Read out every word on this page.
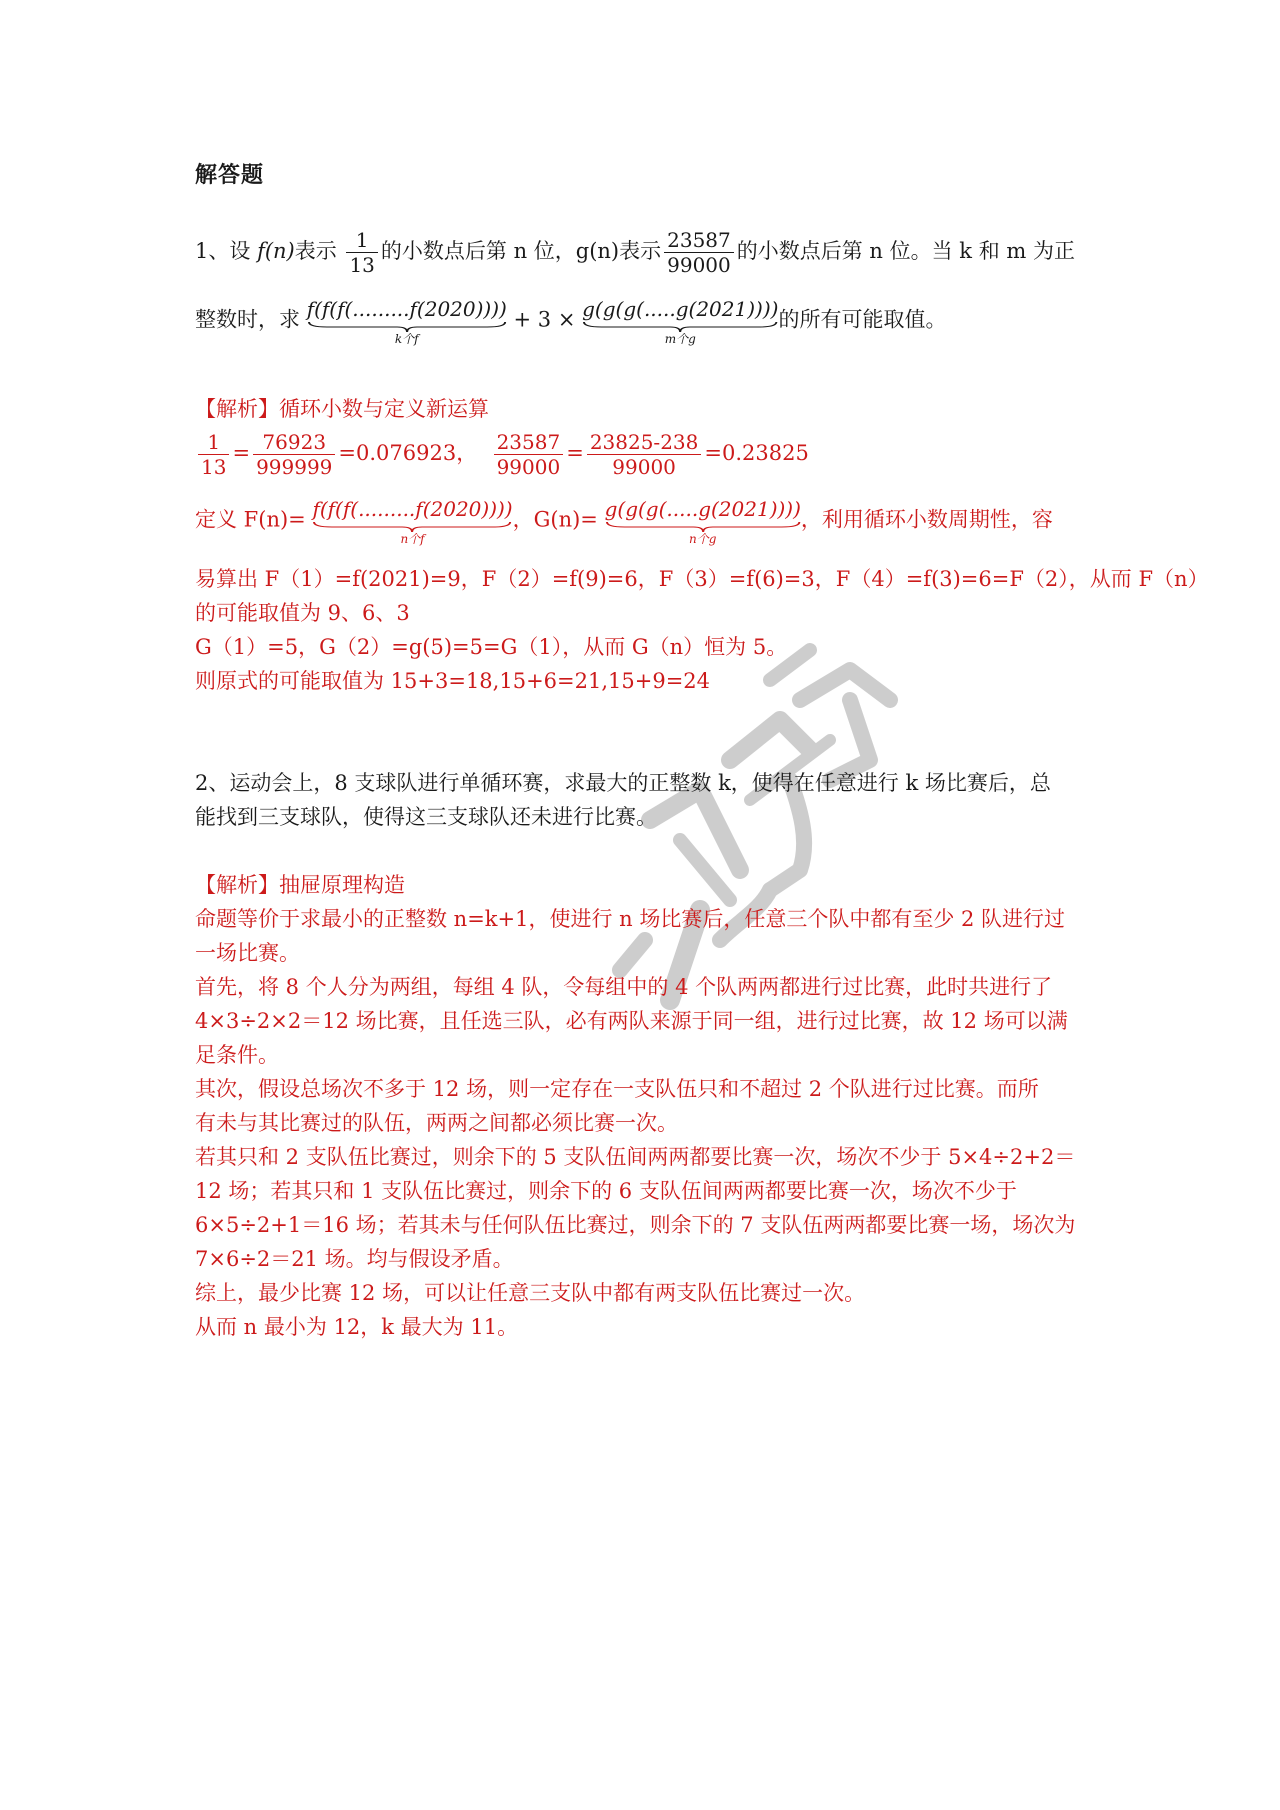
解答题
1、设 f(n)表示 $\frac{1}{13}$ 的小数点后第 n 位，g(n)表示 $\frac{23587}{99000}$ 的小数点后第 n 位。当 k 和 m 为正
整数时，求 f(f(f(.........f(2020))))
k个f
+ 3 × g(g(g(.....g(2021))))
m个g
的所有可能取值。
【解析】循环小数与定义新运算
$\frac{1}{13} = \frac{76923}{999999} =0.076923$， $\frac{23587}{99000} = \frac{23825-238}{99000} =0.23825$
定义 F(n)= f(f(f(.........f(2020))))
n个f
，G(n)= g(g(g(.....g(2021))))
n个g
，利用循环小数周期性，容
易算出 F（1）=f(2021)=9，F（2）=f(9)=6，F（3）=f(6)=3，F（4）=f(3)=6=F（2），从而 F（n）
的可能取值为 9、6、3
G（1）=5，G（2）=g(5)=5=G（1），从而 G（n）恒为 5。
则原式的可能取值为 15+3=18,15+6=21,15+9=24
2、运动会上，8 支球队进行单循环赛，求最大的正整数 k，使得在任意进行 k 场比赛后，总
能找到三支球队，使得这三支球队还未进行比赛。
【解析】抽屉原理构造
命题等价于求最小的正整数 n=k+1，使进行 n 场比赛后，任意三个队中都有至少 2 队进行过
一场比赛。
首先，将 8 个人分为两组，每组 4 队，令每组中的 4 个队两两都进行过比赛，此时共进行了
4×3÷2×2＝12 场比赛，且任选三队，必有两队来源于同一组，进行过比赛，故 12 场可以满
足条件。
其次，假设总场次不多于 12 场，则一定存在一支队伍只和不超过 2 个队进行过比赛。而所
有未与其比赛过的队伍，两两之间都必须比赛一次。
若其只和 2 支队伍比赛过，则余下的 5 支队伍间两两都要比赛一次，场次不少于 5×4÷2+2＝
12 场；若其只和 1 支队伍比赛过，则余下的 6 支队伍间两两都要比赛一次，场次不少于
6×5÷2+1＝16 场；若其未与任何队伍比赛过，则余下的 7 支队伍两两都要比赛一场，场次为
7×6÷2＝21 场。均与假设矛盾。
综上，最少比赛 12 场，可以让任意三支队中都有两支队伍比赛过一次。
从而 n 最小为 12，k 最大为 11。
